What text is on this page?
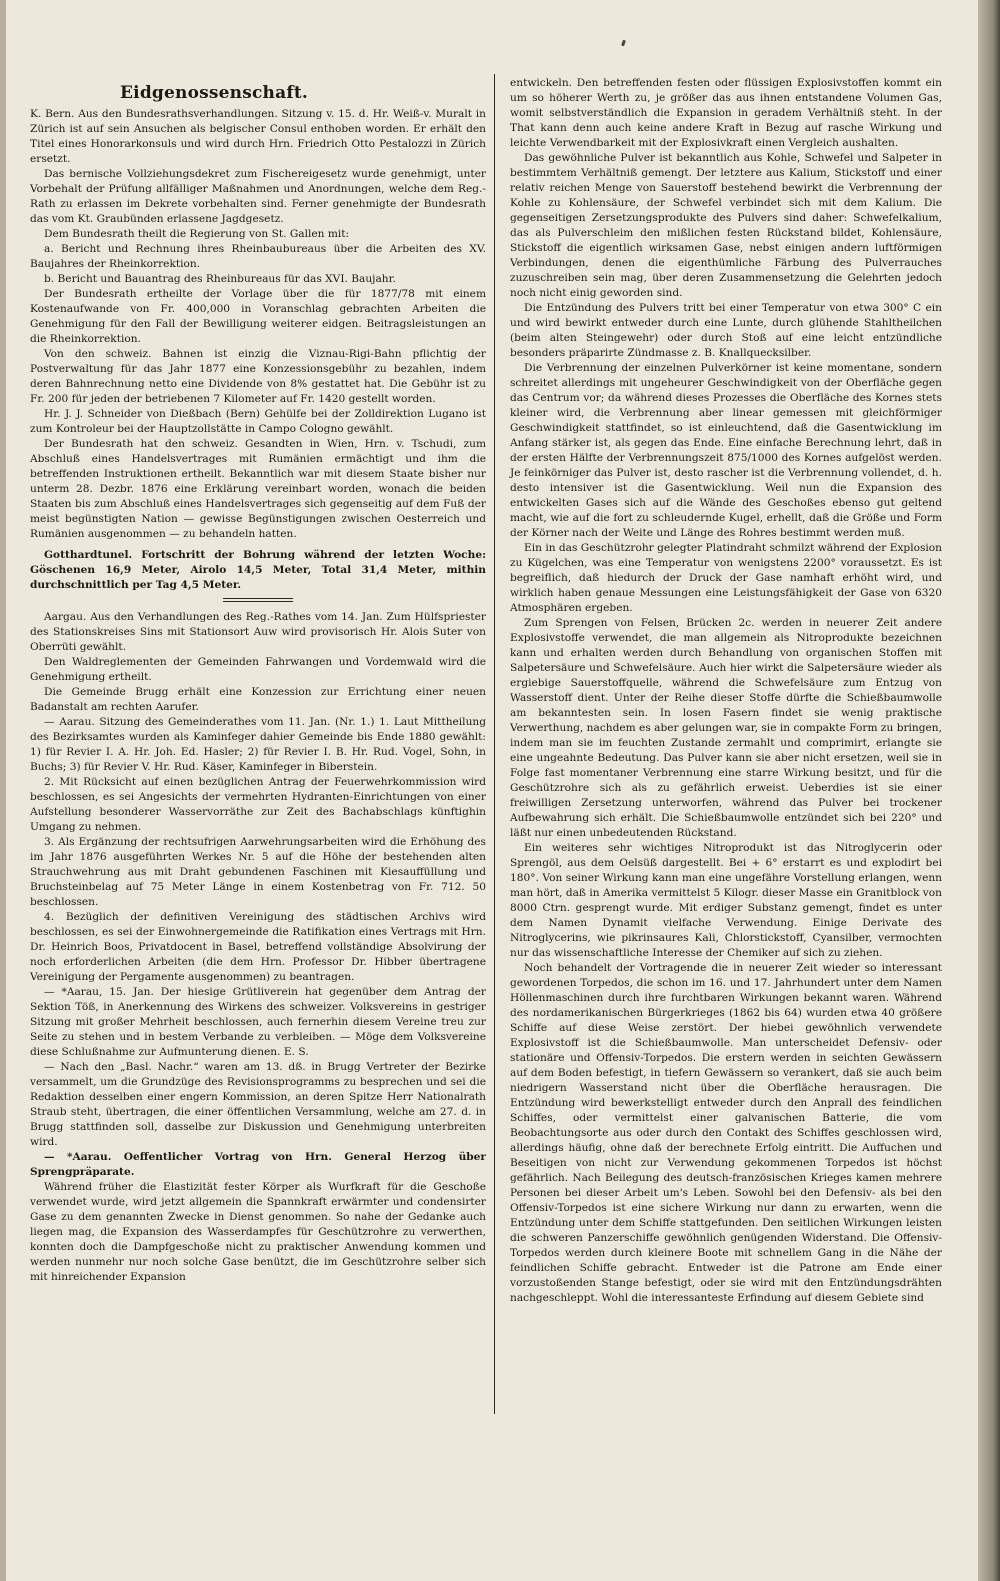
Eidgenossenschaft.

K. Bern. Aus den Bundesrathsverhandlungen. Sitzung v. 15. d. Hr. Weiß-v. Muralt in Zürich ist auf sein Ansuchen als belgischer Consul enthoben worden. Er erhält den Titel eines Honorarkonsuls und wird durch Hrn. Friedrich Otto Pestalozzi in Zürich ersetzt.

Das bernische Vollziehungsdekret zum Fischereigesetz wurde genehmigt, unter Vorbehalt der Prüfung allfälliger Maßnahmen und Anordnungen, welche dem Reg.-Rath zu erlassen im Dekrete vorbehalten sind. Ferner genehmigte der Bundesrath das vom Kt. Graubünden erlassene Jagdgesetz.

Dem Bundesrath theilt die Regierung von St. Gallen mit:

a. Bericht und Rechnung ihres Rheinbaubureaus über die Arbeiten des XV. Baujahres der Rheinkorrektion.

b. Bericht und Bauantrag des Rheinbureaus für das XVI. Baujahr.

Der Bundesrath ertheilte der Vorlage über die für 1877/78 mit einem Kostenaufwande von Fr. 400,000 in Voranschlag gebrachten Arbeiten die Genehmigung für den Fall der Bewilligung weiterer eidgen. Beitragsleistungen an die Rheinkorrektion.

Von den schweiz. Bahnen ist einzig die Viznau-Rigi-Bahn pflichtig der Postverwaltung für das Jahr 1877 eine Konzessionsgebühr zu bezahlen, indem deren Bahnrechnung netto eine Dividende von 8% gestattet hat. Die Gebühr ist zu Fr. 200 für jeden der betriebenen 7 Kilometer auf Fr. 1420 gestellt worden.

Hr. J. J. Schneider von Dießbach (Bern) Gehülfe bei der Zolldirektion Lugano ist zum Kontroleur bei der Hauptzollstätte in Campo Cologno gewählt.

Der Bundesrath hat den schweiz. Gesandten in Wien, Hrn. v. Tschudi, zum Abschluß eines Handelsvertrages mit Rumänien ermächtigt und ihm die betreffenden Instruktionen ertheilt. Bekanntlich war mit diesem Staate bisher nur unterm 28. Dezbr. 1876 eine Erklärung vereinbart worden, wonach die beiden Staaten bis zum Abschluß eines Handelsvertrages sich gegenseitig auf dem Fuß der meist begünstigten Nation — gewisse Begünstigungen zwischen Oesterreich und Rumänien ausgenommen — zu behandeln hatten.

Gotthardtunel. Fortschritt der Bohrung während der letzten Woche: Göschenen 16,9 Meter, Airolo 14,5 Meter, Total 31,4 Meter, mithin durchschnittlich per Tag 4,5 Meter.

Aargau. Aus den Verhandlungen des Reg.-Rathes vom 14. Jan. Zum Hülfspriester des Stationskreises Sins mit Stationsort Auw wird provisorisch Hr. Alois Suter von Oberrüti gewählt.

Den Waldreglementen der Gemeinden Fahrwangen und Vordemwald wird die Genehmigung ertheilt.

Die Gemeinde Brugg erhält eine Konzession zur Errichtung einer neuen Badanstalt am rechten Aarufer.

— Aarau. Sitzung des Gemeinderathes vom 11. Jan. (Nr. 1.) 1. Laut Mittheilung des Bezirksamtes wurden als Kaminfeger dahier Gemeinde bis Ende 1880 gewählt: 1) für Revier I. A. Hr. Joh. Ed. Hasler; 2) für Revier I. B. Hr. Rud. Vogel, Sohn, in Buchs; 3) für Revier V. Hr. Rud. Käser, Kaminfeger in Biberstein.

2. Mit Rücksicht auf einen bezüglichen Antrag der Feuerwehrkommission wird beschlossen, es sei Angesichts der vermehrten Hydranten-Einrichtungen von einer Aufstellung besonderer Wasservorräthe zur Zeit des Bachabschlags künftighin Umgang zu nehmen.

3. Als Ergänzung der rechtsufrigen Aarwehrungsarbeiten wird die Erhöhung des im Jahr 1876 ausgeführten Werkes Nr. 5 auf die Höhe der bestehenden alten Strauchwehrung aus mit Draht gebundenen Faschinen mit Kiesauffüllung und Bruchsteinbelag auf 75 Meter Länge in einem Kostenbetrag von Fr. 712. 50 beschlossen.

4. Bezüglich der definitiven Vereinigung des städtischen Archivs wird beschlossen, es sei der Einwohnergemeinde die Ratifikation eines Vertrags mit Hrn. Dr. Heinrich Boos, Privatdocent in Basel, betreffend vollständige Absolvirung der noch erforderlichen Arbeiten (die dem Hrn. Professor Dr. Hibber übertragene Vereinigung der Pergamente ausgenommen) zu beantragen.

— *Aarau, 15. Jan. Der hiesige Grütliverein hat gegenüber dem Antrag der Sektion Töß, in Anerkennung des Wirkens des schweizer. Volksvereins in gestriger Sitzung mit großer Mehrheit beschlossen, auch fernerhin diesem Vereine treu zur Seite zu stehen und in bestem Verbande zu verbleiben. — Möge dem Volksvereine diese Schlußnahme zur Aufmunterung dienen. E. S.

— Nach den „Basl. Nachr.“ waren am 13. dß. in Brugg Vertreter der Bezirke versammelt, um die Grundzüge des Revisionsprogramms zu besprechen und sei die Redaktion desselben einer engern Kommission, an deren Spitze Herr Nationalrath Straub steht, übertragen, die einer öffentlichen Versammlung, welche am 27. d. in Brugg stattfinden soll, dasselbe zur Diskussion und Genehmigung unterbreiten wird.

— *Aarau. Oeffentlicher Vortrag von Hrn. General Herzog über Sprengpräparate.

Während früher die Elastizität fester Körper als Wurfkraft für die Geschoße verwendet wurde, wird jetzt allgemein die Spannkraft erwärmter und condensirter Gase zu dem genannten Zwecke in Dienst genommen. So nahe der Gedanke auch liegen mag, die Expansion des Wasserdampfes für Geschützrohre zu verwerthen, konnten doch die Dampfgeschoße nicht zu praktischer Anwendung kommen und werden nunmehr nur noch solche Gase benützt, die im Geschützrohre selber sich mit hinreichender Expansion

entwickeln. Den betreffenden festen oder flüssigen Explosivstoffen kommt ein um so höherer Werth zu, je größer das aus ihnen entstandene Volumen Gas, womit selbstverständlich die Expansion in geradem Verhältniß steht. In der That kann denn auch keine andere Kraft in Bezug auf rasche Wirkung und leichte Verwendbarkeit mit der Explosivkraft einen Vergleich aushalten.

Das gewöhnliche Pulver ist bekanntlich aus Kohle, Schwefel und Salpeter in bestimmtem Verhältniß gemengt. Der letztere aus Kalium, Stickstoff und einer relativ reichen Menge von Sauerstoff bestehend bewirkt die Verbrennung der Kohle zu Kohlensäure, der Schwefel verbindet sich mit dem Kalium. Die gegenseitigen Zersetzungsprodukte des Pulvers sind daher: Schwefelkalium, das als Pulverschleim den mißlichen festen Rückstand bildet, Kohlensäure, Stickstoff die eigentlich wirksamen Gase, nebst einigen andern luftförmigen Verbindungen, denen die eigenthümliche Färbung des Pulverrauches zuzuschreiben sein mag, über deren Zusammensetzung die Gelehrten jedoch noch nicht einig geworden sind.

Die Entzündung des Pulvers tritt bei einer Temperatur von etwa 300° C ein und wird bewirkt entweder durch eine Lunte, durch glühende Stahltheilchen (beim alten Steingewehr) oder durch Stoß auf eine leicht entzündliche besonders präparirte Zündmasse z. B. Knallquecksilber.

Die Verbrennung der einzelnen Pulverkörner ist keine momentane, sondern schreitet allerdings mit ungeheurer Geschwindigkeit von der Oberfläche gegen das Centrum vor; da während dieses Prozesses die Oberfläche des Kornes stets kleiner wird, die Verbrennung aber linear gemessen mit gleichförmiger Geschwindigkeit stattfindet, so ist einleuchtend, daß die Gasentwicklung im Anfang stärker ist, als gegen das Ende. Eine einfache Berechnung lehrt, daß in der ersten Hälfte der Verbrennungszeit 875/1000 des Kornes aufgelöst werden. Je feinkörniger das Pulver ist, desto rascher ist die Verbrennung vollendet, d. h. desto intensiver ist die Gasentwicklung. Weil nun die Expansion des entwickelten Gases sich auf die Wände des Geschoßes ebenso gut geltend macht, wie auf die fort zu schleudernde Kugel, erhellt, daß die Größe und Form der Körner nach der Weite und Länge des Rohres bestimmt werden muß.

Ein in das Geschützrohr gelegter Platindraht schmilzt während der Explosion zu Kügelchen, was eine Temperatur von wenigstens 2200° voraussetzt. Es ist begreiflich, daß hiedurch der Druck der Gase namhaft erhöht wird, und wirklich haben genaue Messungen eine Leistungsfähigkeit der Gase von 6320 Atmosphären ergeben.

Zum Sprengen von Felsen, Brücken 2c. werden in neuerer Zeit andere Explosivstoffe verwendet, die man allgemein als Nitroprodukte bezeichnen kann und erhalten werden durch Behandlung von organischen Stoffen mit Salpetersäure und Schwefelsäure. Auch hier wirkt die Salpetersäure wieder als ergiebige Sauerstoffquelle, während die Schwefelsäure zum Entzug von Wasserstoff dient. Unter der Reihe dieser Stoffe dürfte die Schießbaumwolle am bekanntesten sein. In losen Fasern findet sie wenig praktische Verwerthung, nachdem es aber gelungen war, sie in compakte Form zu bringen, indem man sie im feuchten Zustande zermahlt und comprimirt, erlangte sie eine ungeahnte Bedeutung. Das Pulver kann sie aber nicht ersetzen, weil sie in Folge fast momentaner Verbrennung eine starre Wirkung besitzt, und für die Geschützrohre sich als zu gefährlich erweist. Ueberdies ist sie einer freiwilligen Zersetzung unterworfen, während das Pulver bei trockener Aufbewahrung sich erhält. Die Schießbaumwolle entzündet sich bei 220° und läßt nur einen unbedeutenden Rückstand.

Ein weiteres sehr wichtiges Nitroprodukt ist das Nitroglycerin oder Sprengöl, aus dem Oelsüß dargestellt. Bei + 6° erstarrt es und explodirt bei 180°. Von seiner Wirkung kann man eine ungefähre Vorstellung erlangen, wenn man hört, daß in Amerika vermittelst 5 Kilogr. dieser Masse ein Granitblock von 8000 Ctrn. gesprengt wurde. Mit erdiger Substanz gemengt, findet es unter dem Namen Dynamit vielfache Verwendung. Einige Derivate des Nitroglycerins, wie pikrinsaures Kali, Chlorstickstoff, Cyansilber, vermochten nur das wissenschaftliche Interesse der Chemiker auf sich zu ziehen.

Noch behandelt der Vortragende die in neuerer Zeit wieder so interessant gewordenen Torpedos, die schon im 16. und 17. Jahrhundert unter dem Namen Höllenmaschinen durch ihre furchtbaren Wirkungen bekannt waren. Während des nordamerikanischen Bürgerkrieges (1862 bis 64) wurden etwa 40 größere Schiffe auf diese Weise zerstört. Der hiebei gewöhnlich verwendete Explosivstoff ist die Schießbaumwolle. Man unterscheidet Defensiv- oder stationäre und Offensiv-Torpedos. Die erstern werden in seichten Gewässern auf dem Boden befestigt, in tiefern Gewässern so verankert, daß sie auch beim niedrigern Wasserstand nicht über die Oberfläche herausragen. Die Entzündung wird bewerkstelligt entweder durch den Anprall des feindlichen Schiffes, oder vermittelst einer galvanischen Batterie, die vom Beobachtungsorte aus oder durch den Contakt des Schiffes geschlossen wird, allerdings häufig, ohne daß der berechnete Erfolg eintritt. Die Auffuchen und Beseitigen von nicht zur Verwendung gekommenen Torpedos ist höchst gefährlich. Nach Beilegung des deutsch-französischen Krieges kamen mehrere Personen bei dieser Arbeit um's Leben. Sowohl bei den Defensiv- als bei den Offensiv-Torpedos ist eine sichere Wirkung nur dann zu erwarten, wenn die Entzündung unter dem Schiffe stattgefunden. Den seitlichen Wirkungen leisten die schweren Panzerschiffe gewöhnlich genügenden Widerstand. Die Offensiv-Torpedos werden durch kleinere Boote mit schnellem Gang in die Nähe der feindlichen Schiffe gebracht. Entweder ist die Patrone am Ende einer vorzustoßenden Stange befestigt, oder sie wird mit den Entzündungsdrähten nachgeschleppt. Wohl die interessanteste Erfindung auf diesem Gebiete sind
